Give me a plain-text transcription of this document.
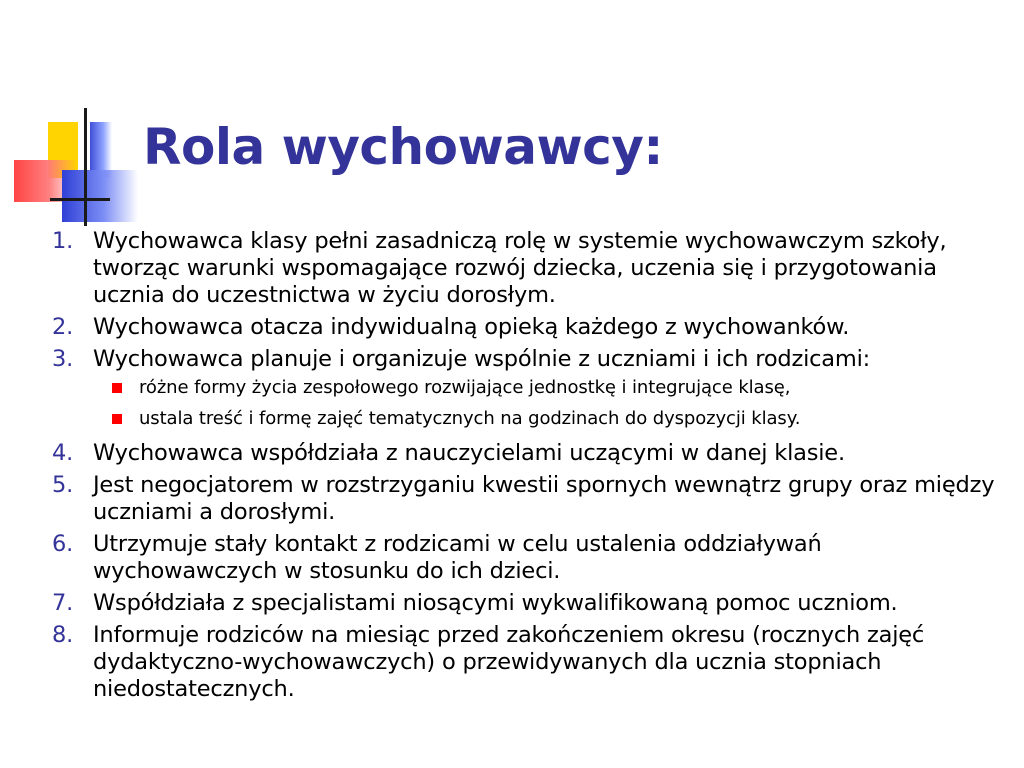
Rola wychowawcy:
1. Wychowawca klasy pełni zasadniczą rolę w systemie wychowawczym szkoły, tworząc warunki wspomagające rozwój dziecka, uczenia się i przygotowania ucznia do uczestnictwa w życiu dorosłym.
2. Wychowawca otacza indywidualną opieką każdego z wychowanków.
3. Wychowawca planuje i organizuje wspólnie z uczniami i ich rodzicami:
różne formy życia zespołowego rozwijające jednostkę i integrujące klasę,
ustala treść i formę zajęć tematycznych na godzinach do dyspozycji klasy.
4. Wychowawca współdziała z nauczycielami uczącymi w danej klasie.
5. Jest negocjatorem w rozstrzyganiu kwestii spornych wewnątrz grupy oraz między uczniami a dorosłymi.
6. Utrzymuje stały kontakt z rodzicami w celu ustalenia oddziaływań wychowawczych w stosunku do ich dzieci.
7. Współdziała z specjalistami niosącymi wykwalifikowaną pomoc uczniom.
8. Informuje rodziców na miesiąc przed zakończeniem okresu (rocznych zajęć dydaktyczno-wychowawczych) o przewidywanych dla ucznia stopniach niedostatecznych.
